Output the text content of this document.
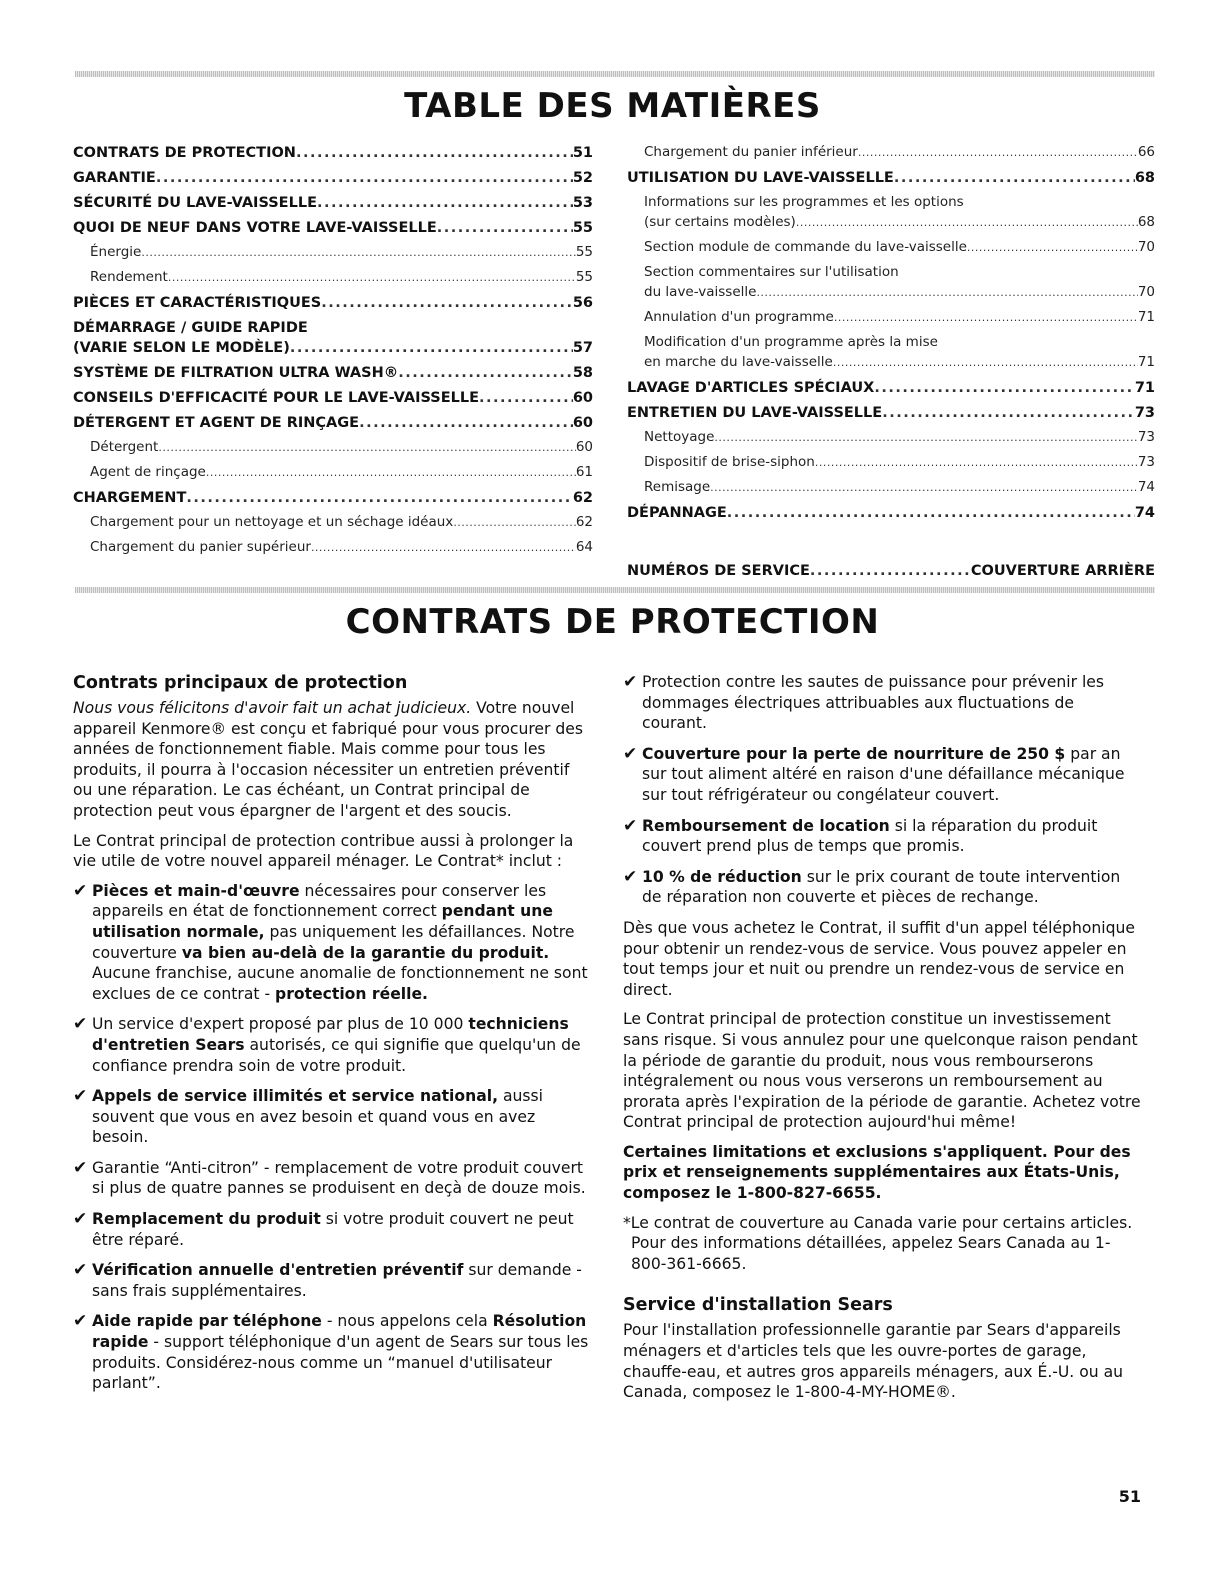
TABLE DES MATIÈRES
CONTRATS DE PROTECTION .....	51
GARANTIE .....	52
SÉCURITÉ DU LAVE-VAISSELLE .....	53
QUOI DE NEUF DANS VOTRE LAVE-VAISSELLE .....	55
Énergie .....	55
Rendement .....	55
PIÈCES ET CARACTÉRISTIQUES .....	56
DÉMARRAGE / GUIDE RAPIDE
(VARIE SELON LE MODÈLE) .....	57
SYSTÈME DE FILTRATION ULTRA WASH® .....	58
CONSEILS D'EFFICACITÉ POUR LE LAVE-VAISSELLE .....	60
DÉTERGENT ET AGENT DE RINÇAGE .....	60
Détergent .....	60
Agent de rinçage .....	61
CHARGEMENT .....	62
Chargement pour un nettoyage et un séchage idéaux .....	62
Chargement du panier supérieur .....	64
Chargement du panier inférieur .....	66
UTILISATION DU LAVE-VAISSELLE .....	68
Informations sur les programmes et les options
(sur certains modèles) .....	68
Section module de commande du lave-vaisselle .....	70
Section commentaires sur l'utilisation
du lave-vaisselle .....	70
Annulation d'un programme .....	71
Modification d'un programme après la mise
en marche du lave-vaisselle .....	71
LAVAGE D'ARTICLES SPÉCIAUX .....	71
ENTRETIEN DU LAVE-VAISSELLE .....	73
Nettoyage .....	73
Dispositif de brise-siphon .....	73
Remisage .....	74
DÉPANNAGE .....	74
NUMÉROS DE SERVICE .....	COUVERTURE ARRIÈRE
CONTRATS DE PROTECTION
Contrats principaux de protection

Nous vous félicitons d'avoir fait un achat judicieux. Votre nouvel appareil Kenmore® est conçu et fabriqué pour vous procurer des années de fonctionnement fiable. Mais comme pour tous les produits, il pourra à l'occasion nécessiter un entretien préventif ou une réparation. Le cas échéant, un Contrat principal de protection peut vous épargner de l'argent et des soucis.

Le Contrat principal de protection contribue aussi à prolonger la vie utile de votre nouvel appareil ménager. Le Contrat* inclut :

✔ Pièces et main-d'œuvre nécessaires pour conserver les appareils en état de fonctionnement correct pendant une utilisation normale, pas uniquement les défaillances. Notre couverture va bien au-delà de la garantie du produit. Aucune franchise, aucune anomalie de fonctionnement ne sont exclues de ce contrat - protection réelle.
✔ Un service d'expert proposé par plus de 10 000 techniciens d'entretien Sears autorisés, ce qui signifie que quelqu'un de confiance prendra soin de votre produit.
✔ Appels de service illimités et service national, aussi souvent que vous en avez besoin et quand vous en avez besoin.
✔ Garantie “Anti-citron” - remplacement de votre produit couvert si plus de quatre pannes se produisent en deçà de douze mois.
✔ Remplacement du produit si votre produit couvert ne peut être réparé.
✔ Vérification annuelle d'entretien préventif sur demande - sans frais supplémentaires.
✔ Aide rapide par téléphone - nous appelons cela Résolution rapide - support téléphonique d'un agent de Sears sur tous les produits. Considérez-nous comme un “manuel d'utilisateur parlant”.
✔ Protection contre les sautes de puissance pour prévenir les dommages électriques attribuables aux fluctuations de courant.
✔ Couverture pour la perte de nourriture de 250 $ par an sur tout aliment altéré en raison d'une défaillance mécanique sur tout réfrigérateur ou congélateur couvert.
✔ Remboursement de location si la réparation du produit couvert prend plus de temps que promis.
✔ 10 % de réduction sur le prix courant de toute intervention de réparation non couverte et pièces de rechange.

Dès que vous achetez le Contrat, il suffit d'un appel téléphonique pour obtenir un rendez-vous de service. Vous pouvez appeler en tout temps jour et nuit ou prendre un rendez-vous de service en direct.

Le Contrat principal de protection constitue un investissement sans risque. Si vous annulez pour une quelconque raison pendant la période de garantie du produit, nous vous rembourserons intégralement ou nous vous verserons un remboursement au prorata après l'expiration de la période de garantie. Achetez votre Contrat principal de protection aujourd'hui même!

Certaines limitations et exclusions s'appliquent. Pour des prix et renseignements supplémentaires aux États-Unis, composez le 1-800-827-6655.

*Le contrat de couverture au Canada varie pour certains articles. Pour des informations détaillées, appelez Sears Canada au 1-800-361-6665.

Service d'installation Sears

Pour l'installation professionnelle garantie par Sears d'appareils ménagers et d'articles tels que les ouvre-portes de garage, chauffe-eau, et autres gros appareils ménagers, aux É.-U. ou au Canada, composez le 1-800-4-MY-HOME®.

51
